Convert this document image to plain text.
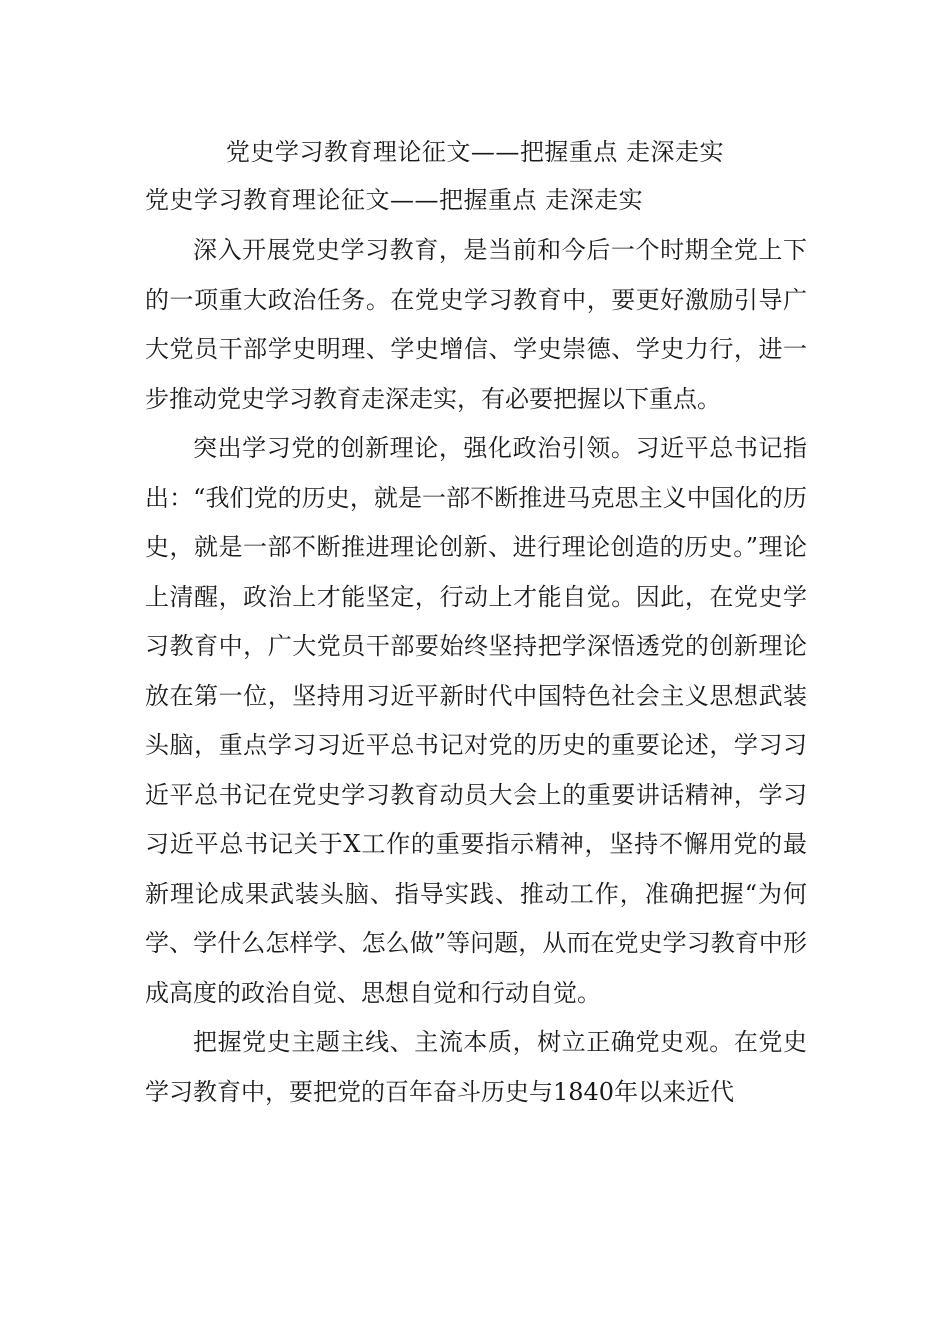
党史学习教育理论征文——把握重点 走深走实
党史学习教育理论征文——把握重点 走深走实

深入开展党史学习教育，是当前和今后一个时期全党上下的一项重大政治任务。在党史学习教育中，要更好激励引导广大党员干部学史明理、学史增信、学史崇德、学史力行，进一步推动党史学习教育走深走实，有必要把握以下重点。

突出学习党的创新理论，强化政治引领。习近平总书记指出：“我们党的历史，就是一部不断推进马克思主义中国化的历史，就是一部不断推进理论创新、进行理论创造的历史。”理论上清醒，政治上才能坚定，行动上才能自觉。因此，在党史学习教育中，广大党员干部要始终坚持把学深悟透党的创新理论放在第一位，坚持用习近平新时代中国特色社会主义思想武装头脑，重点学习习近平总书记对党的历史的重要论述，学习习近平总书记在党史学习教育动员大会上的重要讲话精神，学习习近平总书记关于X工作的重要指示精神，坚持不懈用党的最新理论成果武装头脑、指导实践、推动工作，准确把握“为何学、学什么怎样学、怎么做”等问题，从而在党史学习教育中形成高度的政治自觉、思想自觉和行动自觉。

把握党史主题主线、主流本质，树立正确党史观。在党史学习教育中，要把党的百年奋斗历史与1840年以来近代
